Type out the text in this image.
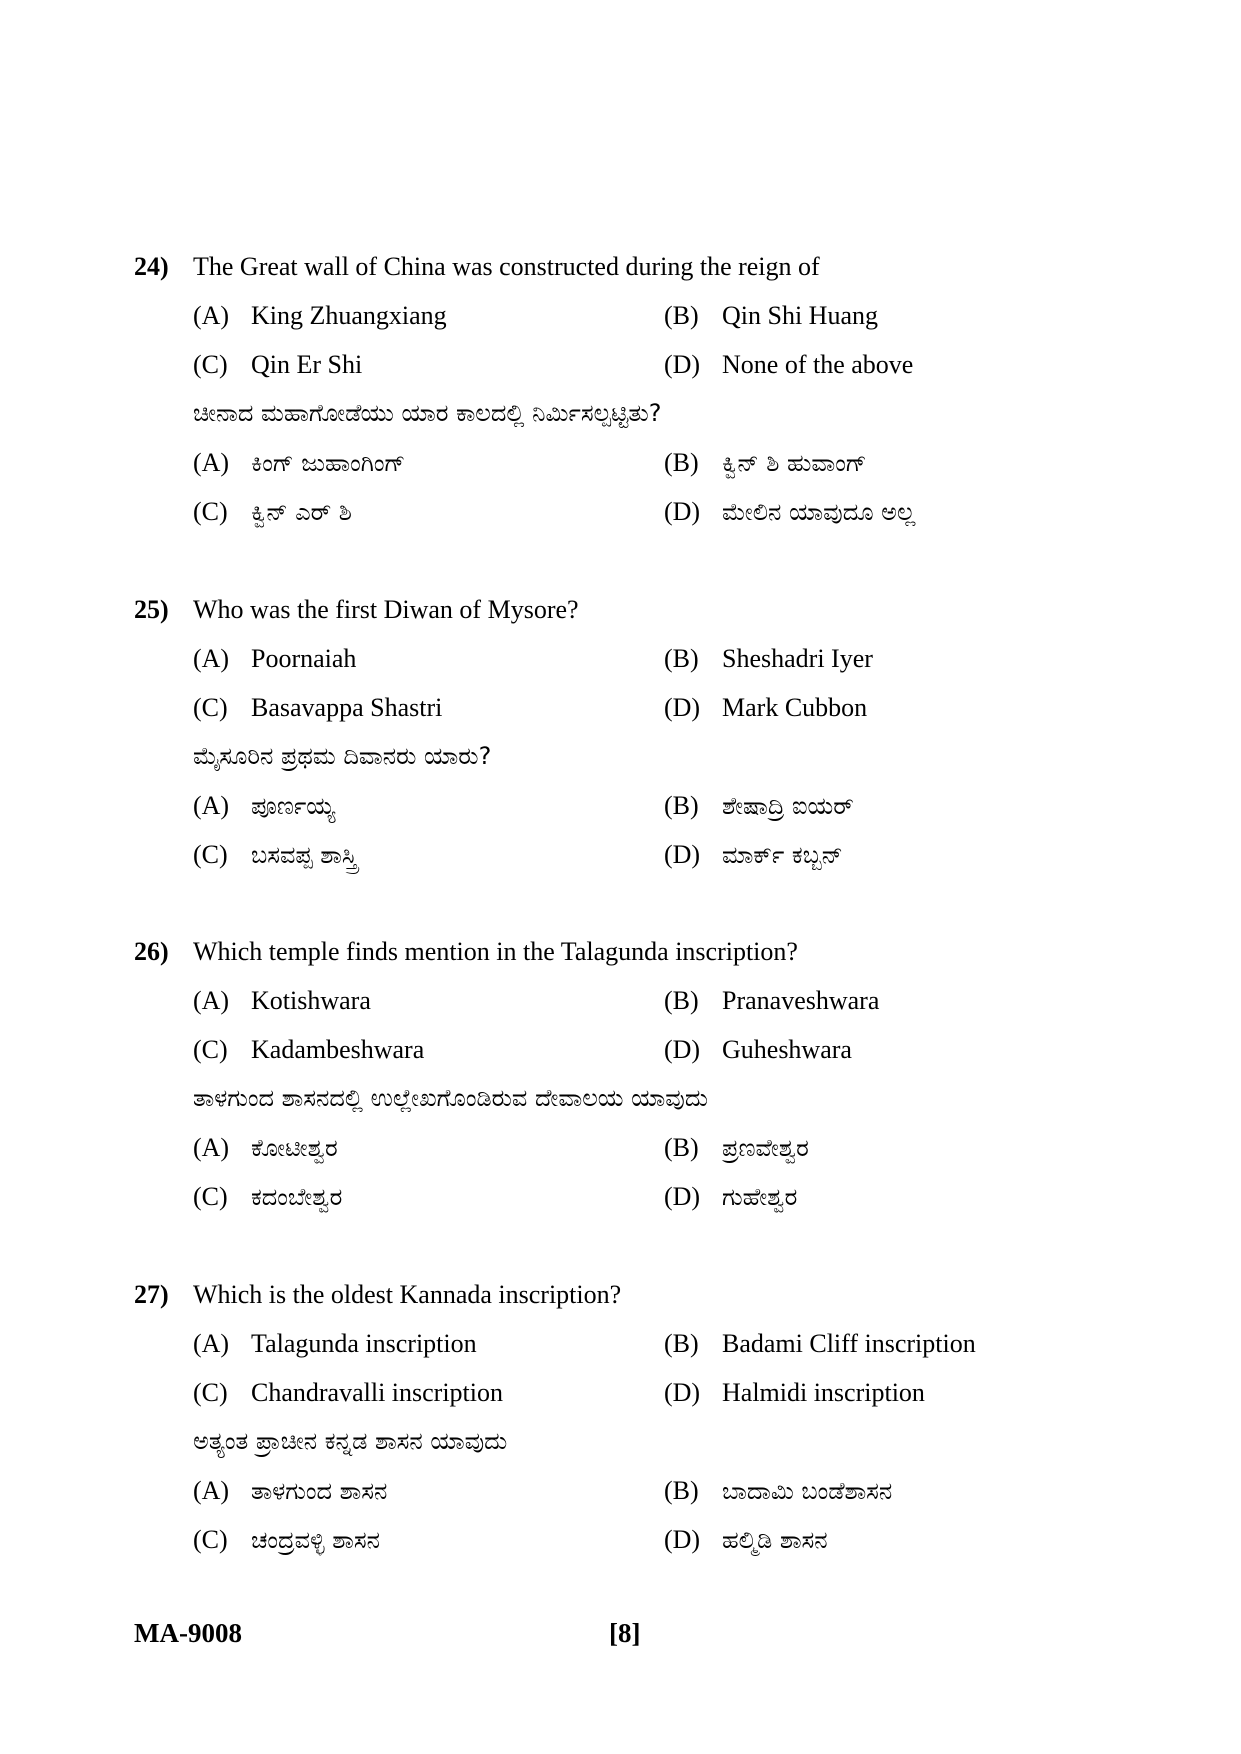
24) The Great wall of China was constructed during the reign of
(A) King Zhuangxiang	(B) Qin Shi Huang
(C) Qin Er Shi	(D) None of the above
ಚೀನಾದ ಮಹಾಗೋಡೆಯು ಯಾರ ಕಾಲದಲ್ಲಿ ನಿರ್ಮಿಸಲ್ಪಟ್ಟಿತು?
(A) ಕಿಂಗ್ ಜುಹಾಂಗಿಂಗ್	(B) ಕ್ವಿನ್ ಶಿ ಹುವಾಂಗ್
(C) ಕ್ವಿನ್ ಎರ್ ಶಿ	(D) ಮೇಲಿನ ಯಾವುದೂ ಅಲ್ಲ
25) Who was the first Diwan of Mysore?
(A) Poornaiah	(B) Sheshadri Iyer
(C) Basavappa Shastri	(D) Mark Cubbon
ಮೈಸೂರಿನ ಪ್ರಥಮ ದಿವಾನರು ಯಾರು?
(A) ಪೂರ್ಣಯ್ಯ	(B) ಶೇಷಾದ್ರಿ ಐಯರ್
(C) ಬಸವಪ್ಪ ಶಾಸ್ತ್ರಿ	(D) ಮಾರ್ಕ್ ಕಬ್ಬನ್
26) Which temple finds mention in the Talagunda inscription?
(A) Kotishwara	(B) Pranaveshwara
(C) Kadambeshwara	(D) Guheshwara
ತಾಳಗುಂದ ಶಾಸನದಲ್ಲಿ ಉಲ್ಲೇಖಗೊಂಡಿರುವ ದೇವಾಲಯ ಯಾವುದು
(A) ಕೋಟೀಶ್ವರ	(B) ಪ್ರಣವೇಶ್ವರ
(C) ಕದಂಬೇಶ್ವರ	(D) ಗುಹೇಶ್ವರ
27) Which is the oldest Kannada inscription?
(A) Talagunda inscription	(B) Badami Cliff inscription
(C) Chandravalli inscription	(D) Halmidi inscription
ಅತ್ಯಂತ ಪ್ರಾಚೀನ ಕನ್ನಡ ಶಾಸನ ಯಾವುದು
(A) ತಾಳಗುಂದ ಶಾಸನ	(B) ಬಾದಾಮಿ ಬಂಡೆಶಾಸನ
(C) ಚಂದ್ರವಳ್ಳಿ ಶಾಸನ	(D) ಹಲ್ಮಿಡಿ ಶಾಸನ
MA-9008	[8]
